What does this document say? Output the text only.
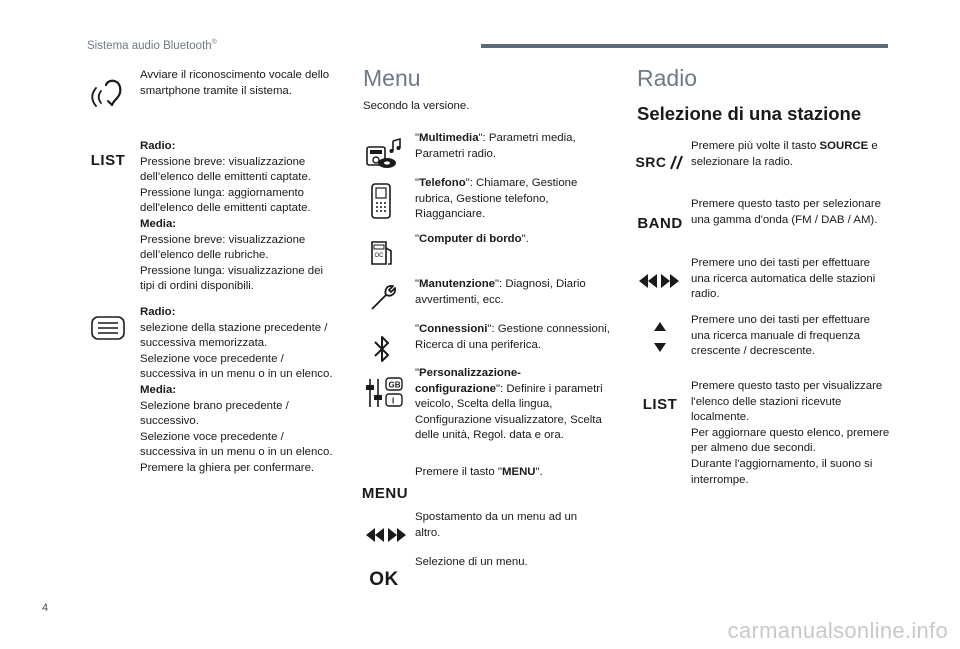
Sistema audio Bluetooth®
Avviare il riconoscimento vocale dello smartphone tramite il sistema.
LIST
Radio:
Pressione breve: visualizzazione dell’elenco delle emittenti captate.
Pressione lunga: aggiornamento dell'elenco delle emittenti captate.
Media:
Pressione breve: visualizzazione dell’elenco delle rubriche.
Pressione lunga: visualizzazione dei tipi di ordini disponibili.
Radio:
selezione della stazione precedente / successiva memorizzata.
Selezione voce precedente / successiva in un menu o in un elenco.
Media:
Selezione brano precedente / successivo.
Selezione voce precedente / successiva in un menu o in un elenco.
Premere la ghiera per confermare.
Menu
Secondo la versione.
"Multimedia": Parametri media, Parametri radio.
"Telefono": Chiamare, Gestione rubrica, Gestione telefono, Riagganciare.
OC
"Computer di bordo".
"Manutenzione": Diagnosi, Diario avvertimenti, ecc.
"Connessioni": Gestione connessioni, Ricerca di una periferica.
GB
I
"Personalizzazione-configurazione": Definire i parametri veicolo, Scelta della lingua, Configurazione visualizzatore, Scelta delle unità, Regol. data e ora.
MENU
Premere il tasto "MENU".
Spostamento da un menu ad un altro.
OK
Selezione di un menu.
Radio
Selezione di una stazione
SRC
Premere più volte il tasto SOURCE e selezionare la radio.
BAND
Premere questo tasto per selezionare una gamma d'onda (FM / DAB / AM).
Premere uno dei tasti per effettuare una ricerca automatica delle stazioni radio.
Premere uno dei tasti per effettuare una ricerca manuale di frequenza crescente / decrescente.
LIST
Premere questo tasto per visualizzare l'elenco delle stazioni ricevute localmente.
Per aggiornare questo elenco, premere per almeno due secondi.
Durante l'aggiornamento, il suono si interrompe.
4
carmanualsonline.info
